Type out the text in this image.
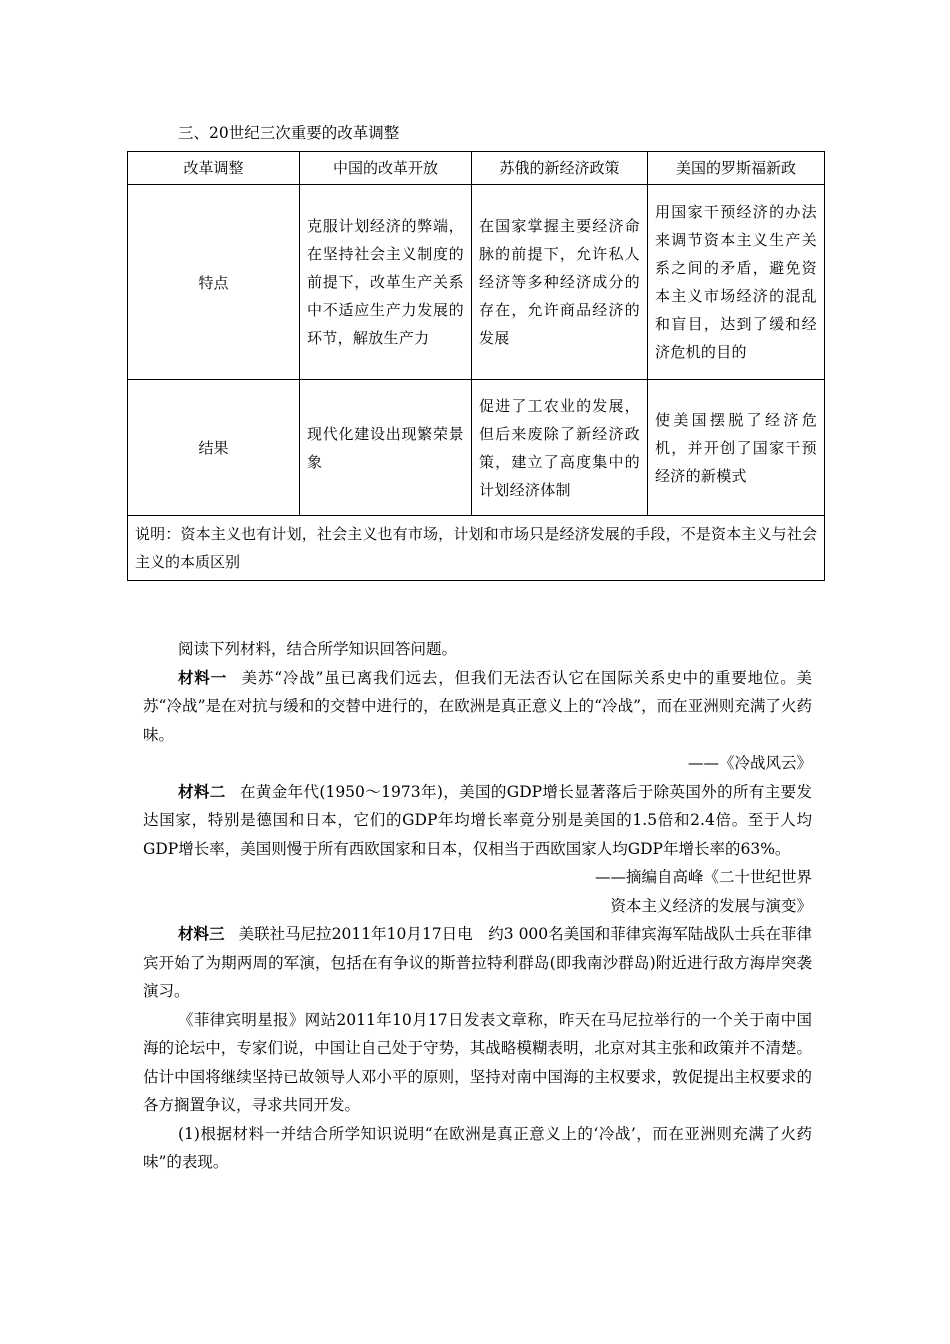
三、20世纪三次重要的改革调整
改革调整	中国的改革开放	苏俄的新经济政策	美国的罗斯福新政
特点	克服计划经济的弊端，在坚持社会主义制度的前提下，改革生产关系中不适应生产力发展的环节，解放生产力	在国家掌握主要经济命脉的前提下，允许私人经济等多种经济成分的存在，允许商品经济的发展	用国家干预经济的办法来调节资本主义生产关系之间的矛盾，避免资本主义市场经济的混乱和盲目，达到了缓和经济危机的目的
结果	现代化建设出现繁荣景象	促进了工农业的发展，但后来废除了新经济政策，建立了高度集中的计划经济体制	使美国摆脱了经济危机，并开创了国家干预经济的新模式
说明：资本主义也有计划，社会主义也有市场，计划和市场只是经济发展的手段，不是资本主义与社会主义的本质区别			

阅读下列材料，结合所学知识回答问题。

材料一 美苏“冷战”虽已离我们远去，但我们无法否认它在国际关系史中的重要地位。美苏“冷战”是在对抗与缓和的交替中进行的，在欧洲是真正意义上的“冷战”，而在亚洲则充满了火药味。

——《冷战风云》

材料二 在黄金年代(1950～1973年)，美国的GDP增长显著落后于除英国外的所有主要发达国家，特别是德国和日本，它们的GDP年均增长率竟分别是美国的1.5倍和2.4倍。至于人均GDP增长率，美国则慢于所有西欧国家和日本，仅相当于西欧国家人均GDP年增长率的63%。

——摘编自高峰《二十世纪世界

资本主义经济的发展与演变》

材料三 美联社马尼拉2011年10月17日电　约3 000名美国和菲律宾海军陆战队士兵在菲律宾开始了为期两周的军演，包括在有争议的斯普拉特利群岛(即我南沙群岛)附近进行敌方海岸突袭演习。

《菲律宾明星报》网站2011年10月17日发表文章称，昨天在马尼拉举行的一个关于南中国海的论坛中，专家们说，中国让自己处于守势，其战略模糊表明，北京对其主张和政策并不清楚。估计中国将继续坚持已故领导人邓小平的原则，坚持对南中国海的主权要求，敦促提出主权要求的各方搁置争议，寻求共同开发。

(1)根据材料一并结合所学知识说明“在欧洲是真正意义上的‘冷战’，而在亚洲则充满了火药味”的表现。
